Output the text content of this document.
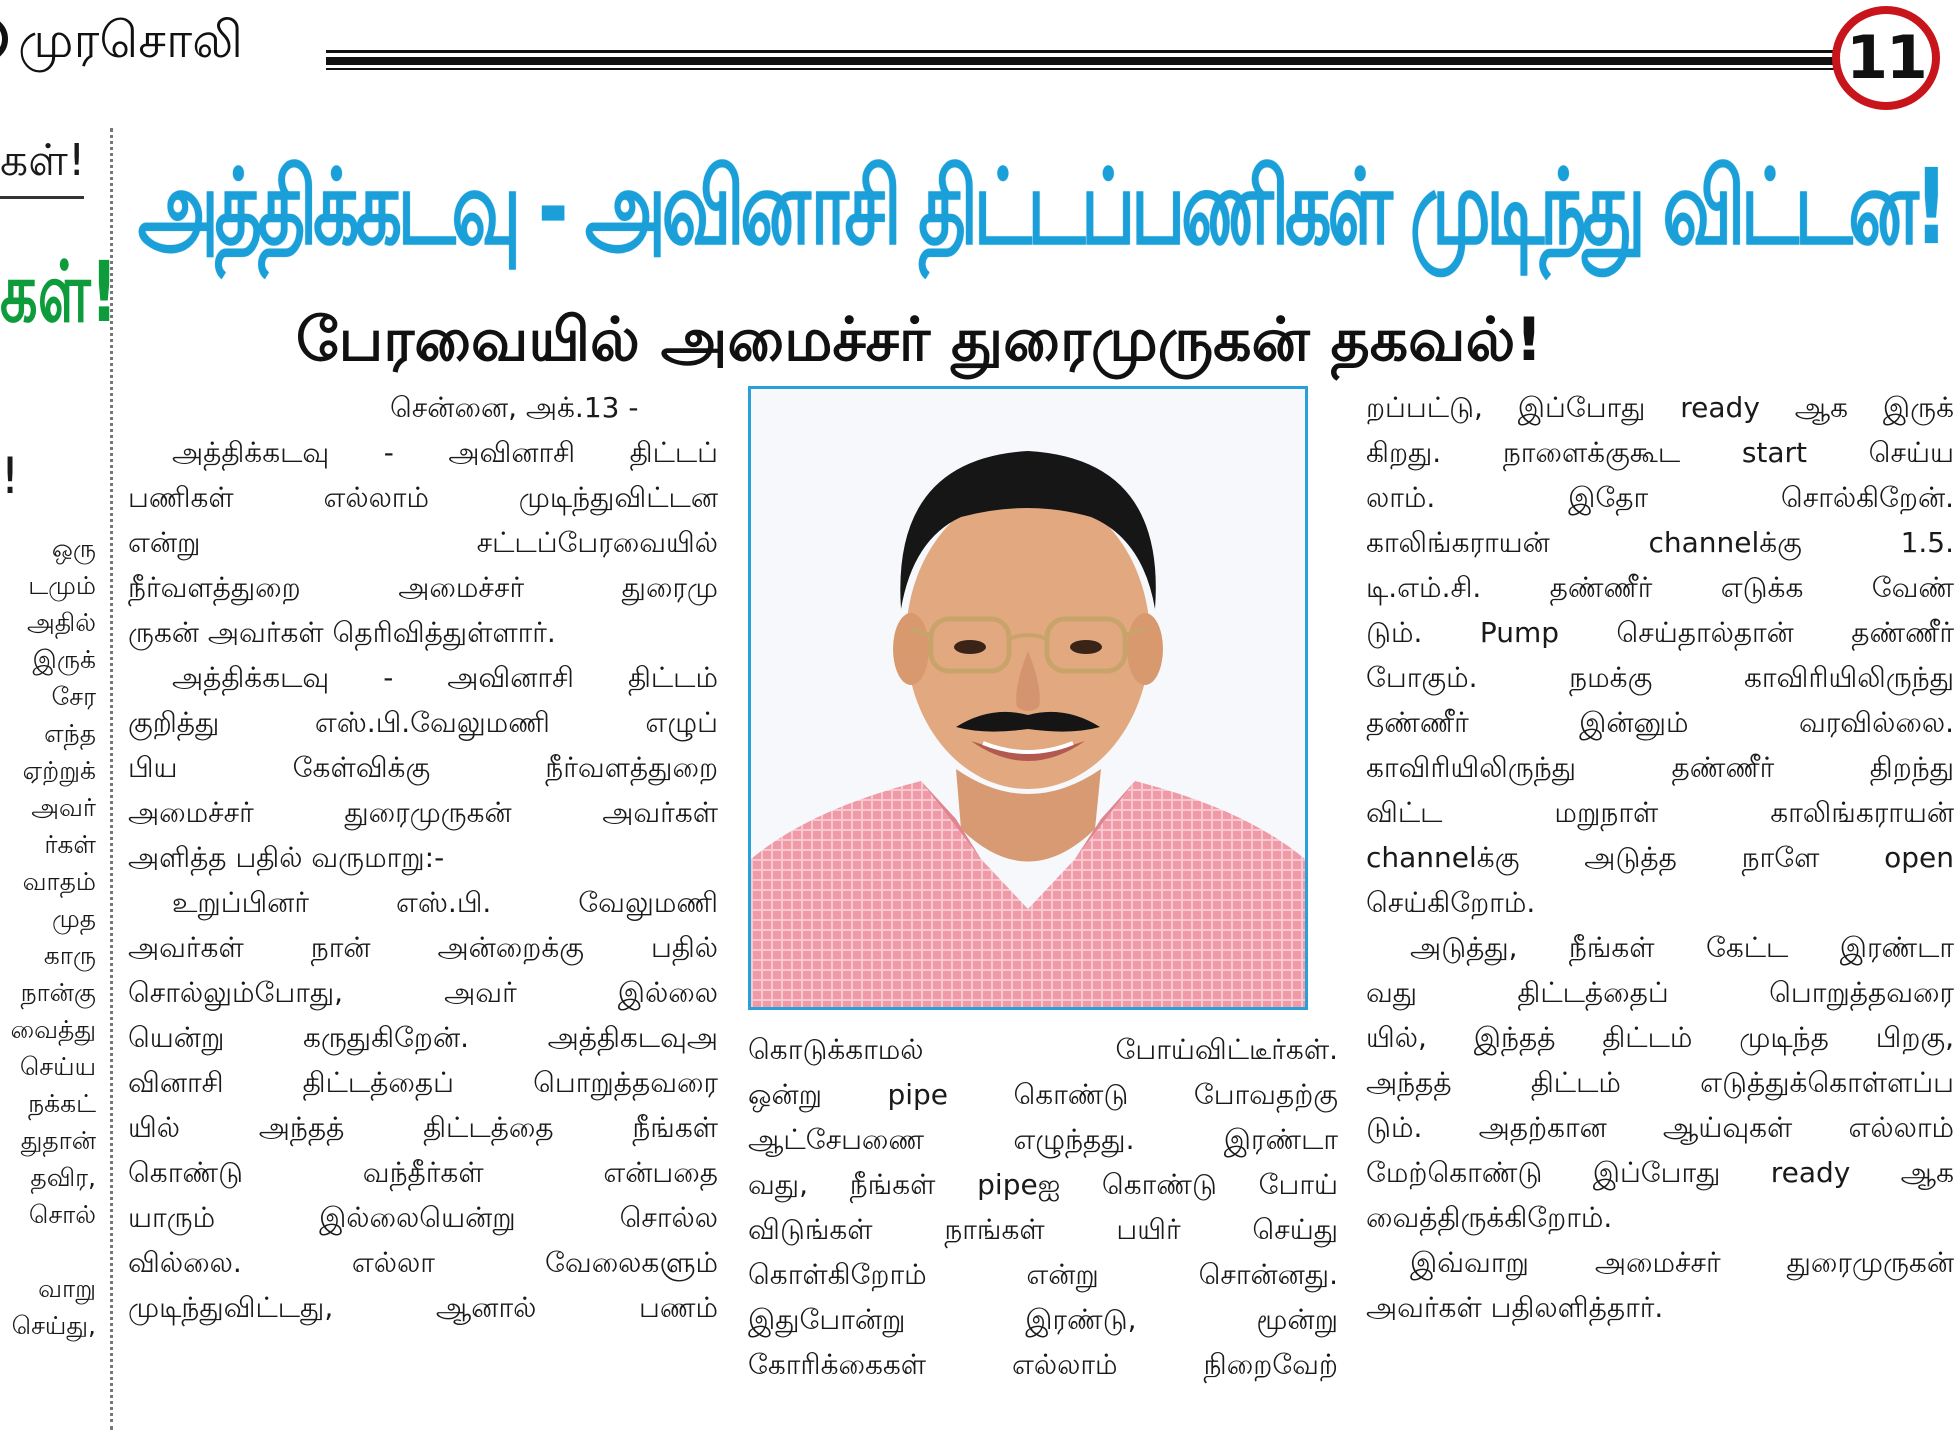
முரசொலி	11
கள்!
கள்!
!
ஒரு
டமும்
அதில்
இருக்
சேர
எந்த
ஏற்றுக்
அவர்
ர்கள்
வாதம்
முத
காரு
நான்கு
வைத்து
செய்ய
நக்கட்
துதான்
தவிர,
சொல்
வாறு
செய்து,
அத்திக்கடவு - அவினாசி திட்டப்பணிகள் முடிந்து விட்டன!
பேரவையில் அமைச்சர் துரைமுருகன் தகவல்!
சென்னை, அக்.13 -
அத்திக்கடவு - அவினாசி திட்டப்
பணிகள் எல்லாம் முடிந்துவிட்டன
என்று சட்டப்பேரவையில்
நீர்வளத்துறை அமைச்சர் துரைமு
ருகன் அவர்கள் தெரிவித்துள்ளார்.
அத்திக்கடவு - அவினாசி திட்டம்
குறித்து எஸ்.பி.வேலுமணி எழுப்
பிய கேள்விக்கு நீர்வளத்துறை
அமைச்சர் துரைமுருகன் அவர்கள்
அளித்த பதில் வருமாறு:-
உறுப்பினர் எஸ்.பி. வேலுமணி
அவர்கள் நான் அன்றைக்கு பதில்
சொல்லும்போது, அவர் இல்லை
யென்று கருதுகிறேன். அத்திகடவுஅ
வினாசி திட்டத்தைப் பொறுத்தவரை
யில் அந்தத் திட்டத்தை நீங்கள்
கொண்டு வந்தீர்கள் என்பதை
யாரும் இல்லையென்று சொல்ல
வில்லை. எல்லா வேலைகளும்
முடிந்துவிட்டது, ஆனால் பணம்
கொடுக்காமல் போய்விட்டீர்கள்.
ஒன்று pipe கொண்டு போவதற்கு
ஆட்சேபணை எழுந்தது. இரண்டா
வது, நீங்கள் pipeஐ கொண்டு போய்
விடுங்கள் நாங்கள் பயிர் செய்து
கொள்கிறோம் என்று சொன்னது.
இதுபோன்று இரண்டு, மூன்று
கோரிக்கைகள் எல்லாம் நிறைவேற்
றப்பட்டு, இப்போது ready ஆக இருக்
கிறது. நாளைக்குகூட start செய்ய
லாம். இதோ சொல்கிறேன்.
காலிங்கராயன் channelக்கு 1.5.
டி.எம்.சி. தண்ணீர் எடுக்க வேண்
டும். Pump செய்தால்தான் தண்ணீர்
போகும். நமக்கு காவிரியிலிருந்து
தண்ணீர் இன்னும் வரவில்லை.
காவிரியிலிருந்து தண்ணீர் திறந்து
விட்ட மறுநாள் காலிங்கராயன்
channelக்கு அடுத்த நாளே open
செய்கிறோம்.
அடுத்து, நீங்கள் கேட்ட இரண்டா
வது திட்டத்தைப் பொறுத்தவரை
யில், இந்தத் திட்டம் முடிந்த பிறகு,
அந்தத் திட்டம் எடுத்துக்கொள்ளப்ப
டும். அதற்கான ஆய்வுகள் எல்லாம்
மேற்கொண்டு இப்போது ready ஆக
வைத்திருக்கிறோம்.
இவ்வாறு அமைச்சர் துரைமுருகன்
அவர்கள் பதிலளித்தார்.
